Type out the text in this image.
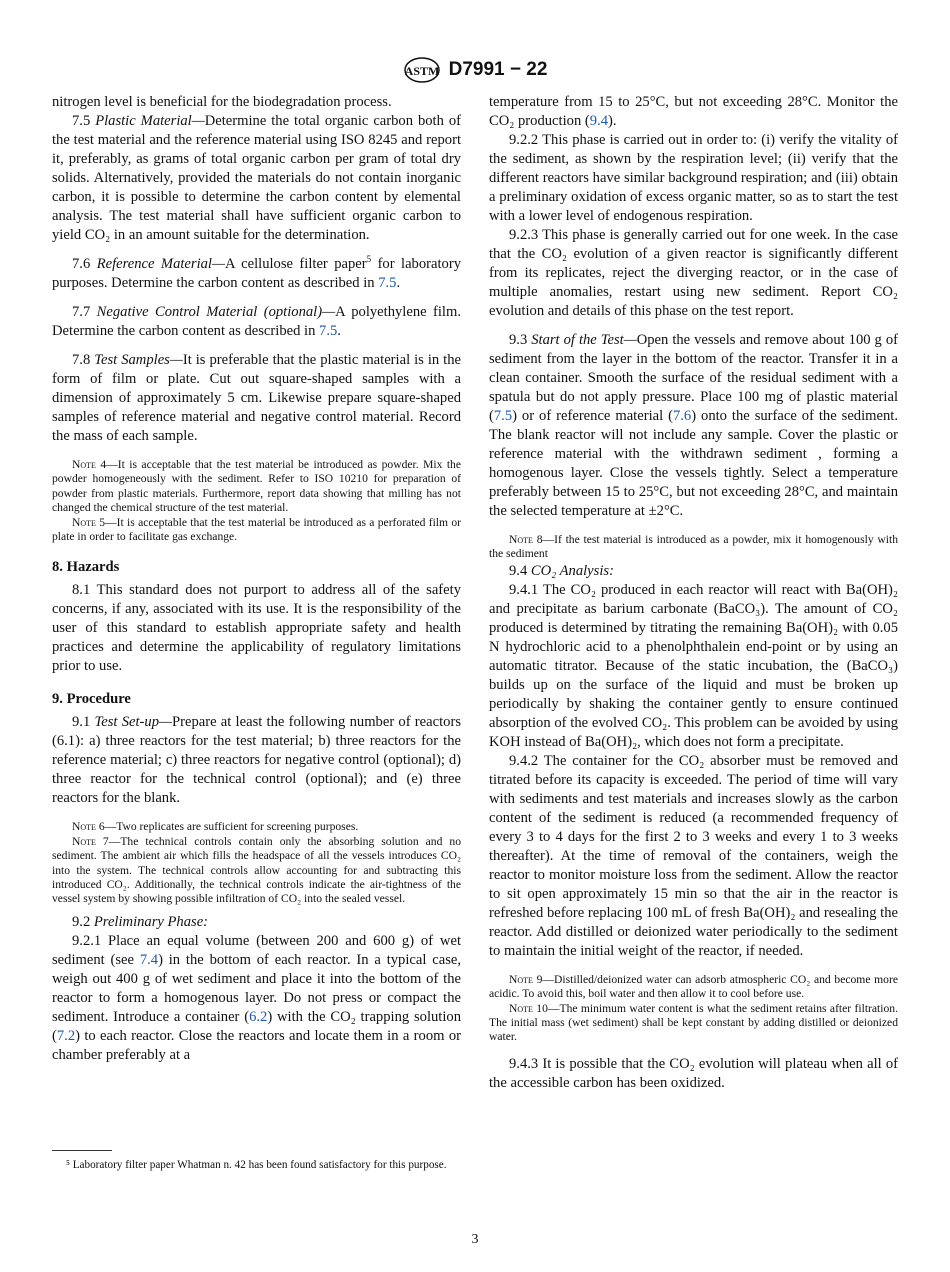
ASTM D7991 − 22
nitrogen level is beneficial for the biodegradation process.
7.5 Plastic Material—Determine the total organic carbon both of the test material and the reference material using ISO 8245 and report it, preferably, as grams of total organic carbon per gram of total dry solids. Alternatively, provided the materials do not contain inorganic carbon, it is possible to determine the carbon content by elemental analysis. The test material shall have sufficient organic carbon to yield CO₂ in an amount suitable for the determination.
7.6 Reference Material—A cellulose filter paper$^5$ for laboratory purposes. Determine the carbon content as described in 7.5.
7.7 Negative Control Material (optional)—A polyethylene film. Determine the carbon content as described in 7.5.
7.8 Test Samples—It is preferable that the plastic material is in the form of film or plate. Cut out square-shaped samples with a dimension of approximately 5 cm. Likewise prepare square-shaped samples of reference material and negative control material. Record the mass of each sample.
Note 4—It is acceptable that the test material be introduced as powder. Mix the powder homogeneously with the sediment. Refer to ISO 10210 for preparation of powder from plastic materials. Furthermore, report data showing that milling has not changed the chemical structure of the test material.
Note 5—It is acceptable that the test material be introduced as a perforated film or plate in order to facilitate gas exchange.
8. Hazards
8.1 This standard does not purport to address all of the safety concerns, if any, associated with its use. It is the responsibility of the user of this standard to establish appropriate safety and health practices and determine the applicability of regulatory limitations prior to use.
9. Procedure
9.1 Test Set-up—Prepare at least the following number of reactors (6.1): a) three reactors for the test material; b) three reactors for the reference material; c) three reactors for negative control (optional); d) three reactor for the technical control (optional); and (e) three reactors for the blank.
Note 6—Two replicates are sufficient for screening purposes.
Note 7—The technical controls contain only the absorbing solution and no sediment. The ambient air which fills the headspace of all the vessels introduces CO₂ into the system. The technical controls allow accounting for and subtracting this introduced CO₂. Additionally, the technical controls indicate the air-tightness of the vessel system by showing possible infiltration of CO₂ into the sealed vessel.
9.2 Preliminary Phase:
9.2.1 Place an equal volume (between 200 and 600 g) of wet sediment (see 7.4) in the bottom of each reactor. In a typical case, weigh out 400 g of wet sediment and place it into the bottom of the reactor to form a homogenous layer. Do not press or compact the sediment. Introduce a container (6.2) with the CO₂ trapping solution (7.2) to each reactor. Close the reactors and locate them in a room or chamber preferably at a
temperature from 15 to 25°C, but not exceeding 28°C. Monitor the CO₂ production (9.4).
9.2.2 This phase is carried out in order to: (i) verify the vitality of the sediment, as shown by the respiration level; (ii) verify that the different reactors have similar background respiration; and (iii) obtain a preliminary oxidation of excess organic matter, so as to start the test with a lower level of endogenous respiration.
9.2.3 This phase is generally carried out for one week. In the case that the CO₂ evolution of a given reactor is significantly different from its replicates, reject the diverging reactor, or in the case of multiple anomalies, restart using new sediment. Report CO₂ evolution and details of this phase on the test report.
9.3 Start of the Test—Open the vessels and remove about 100 g of sediment from the layer in the bottom of the reactor. Transfer it in a clean container. Smooth the surface of the residual sediment with a spatula but do not apply pressure. Place 100 mg of plastic material (7.5) or of reference material (7.6) onto the surface of the sediment. The blank reactor will not include any sample. Cover the plastic or reference material with the withdrawn sediment , forming a homogenous layer. Close the vessels tightly. Select a temperature preferably between 15 to 25°C, but not exceeding 28°C, and maintain the selected temperature at ±2°C.
Note 8—If the test material is introduced as a powder, mix it homogenously with the sediment
9.4 CO₂ Analysis:
9.4.1 The CO₂ produced in each reactor will react with Ba(OH)₂ and precipitate as barium carbonate (BaCO₃). The amount of CO₂ produced is determined by titrating the remaining Ba(OH)₂ with 0.05 N hydrochloric acid to a phenolphthalein end-point or by using an automatic titrator. Because of the static incubation, the (BaCO₃) builds up on the surface of the liquid and must be broken up periodically by shaking the container gently to ensure continued absorption of the evolved CO₂. This problem can be avoided by using KOH instead of Ba(OH)₂, which does not form a precipitate.
9.4.2 The container for the CO₂ absorber must be removed and titrated before its capacity is exceeded. The period of time will vary with sediments and test materials and increases slowly as the carbon content of the sediment is reduced (a recommended frequency of every 3 to 4 days for the first 2 to 3 weeks and every 1 to 3 weeks thereafter). At the time of removal of the containers, weigh the reactor to monitor moisture loss from the sediment. Allow the reactor to sit open approximately 15 min so that the air in the reactor is refreshed before replacing 100 mL of fresh Ba(OH)₂ and resealing the reactor. Add distilled or deionized water periodically to the sediment to maintain the initial weight of the reactor, if needed.
Note 9—Distilled/deionized water can adsorb atmospheric CO₂ and become more acidic. To avoid this, boil water and then allow it to cool before use.
Note 10—The minimum water content is what the sediment retains after filtration. The initial mass (wet sediment) shall be kept constant by adding distilled or deionized water.
9.4.3 It is possible that the CO₂ evolution will plateau when all of the accessible carbon has been oxidized.
⁵ Laboratory filter paper Whatman n. 42 has been found satisfactory for this purpose.
3
